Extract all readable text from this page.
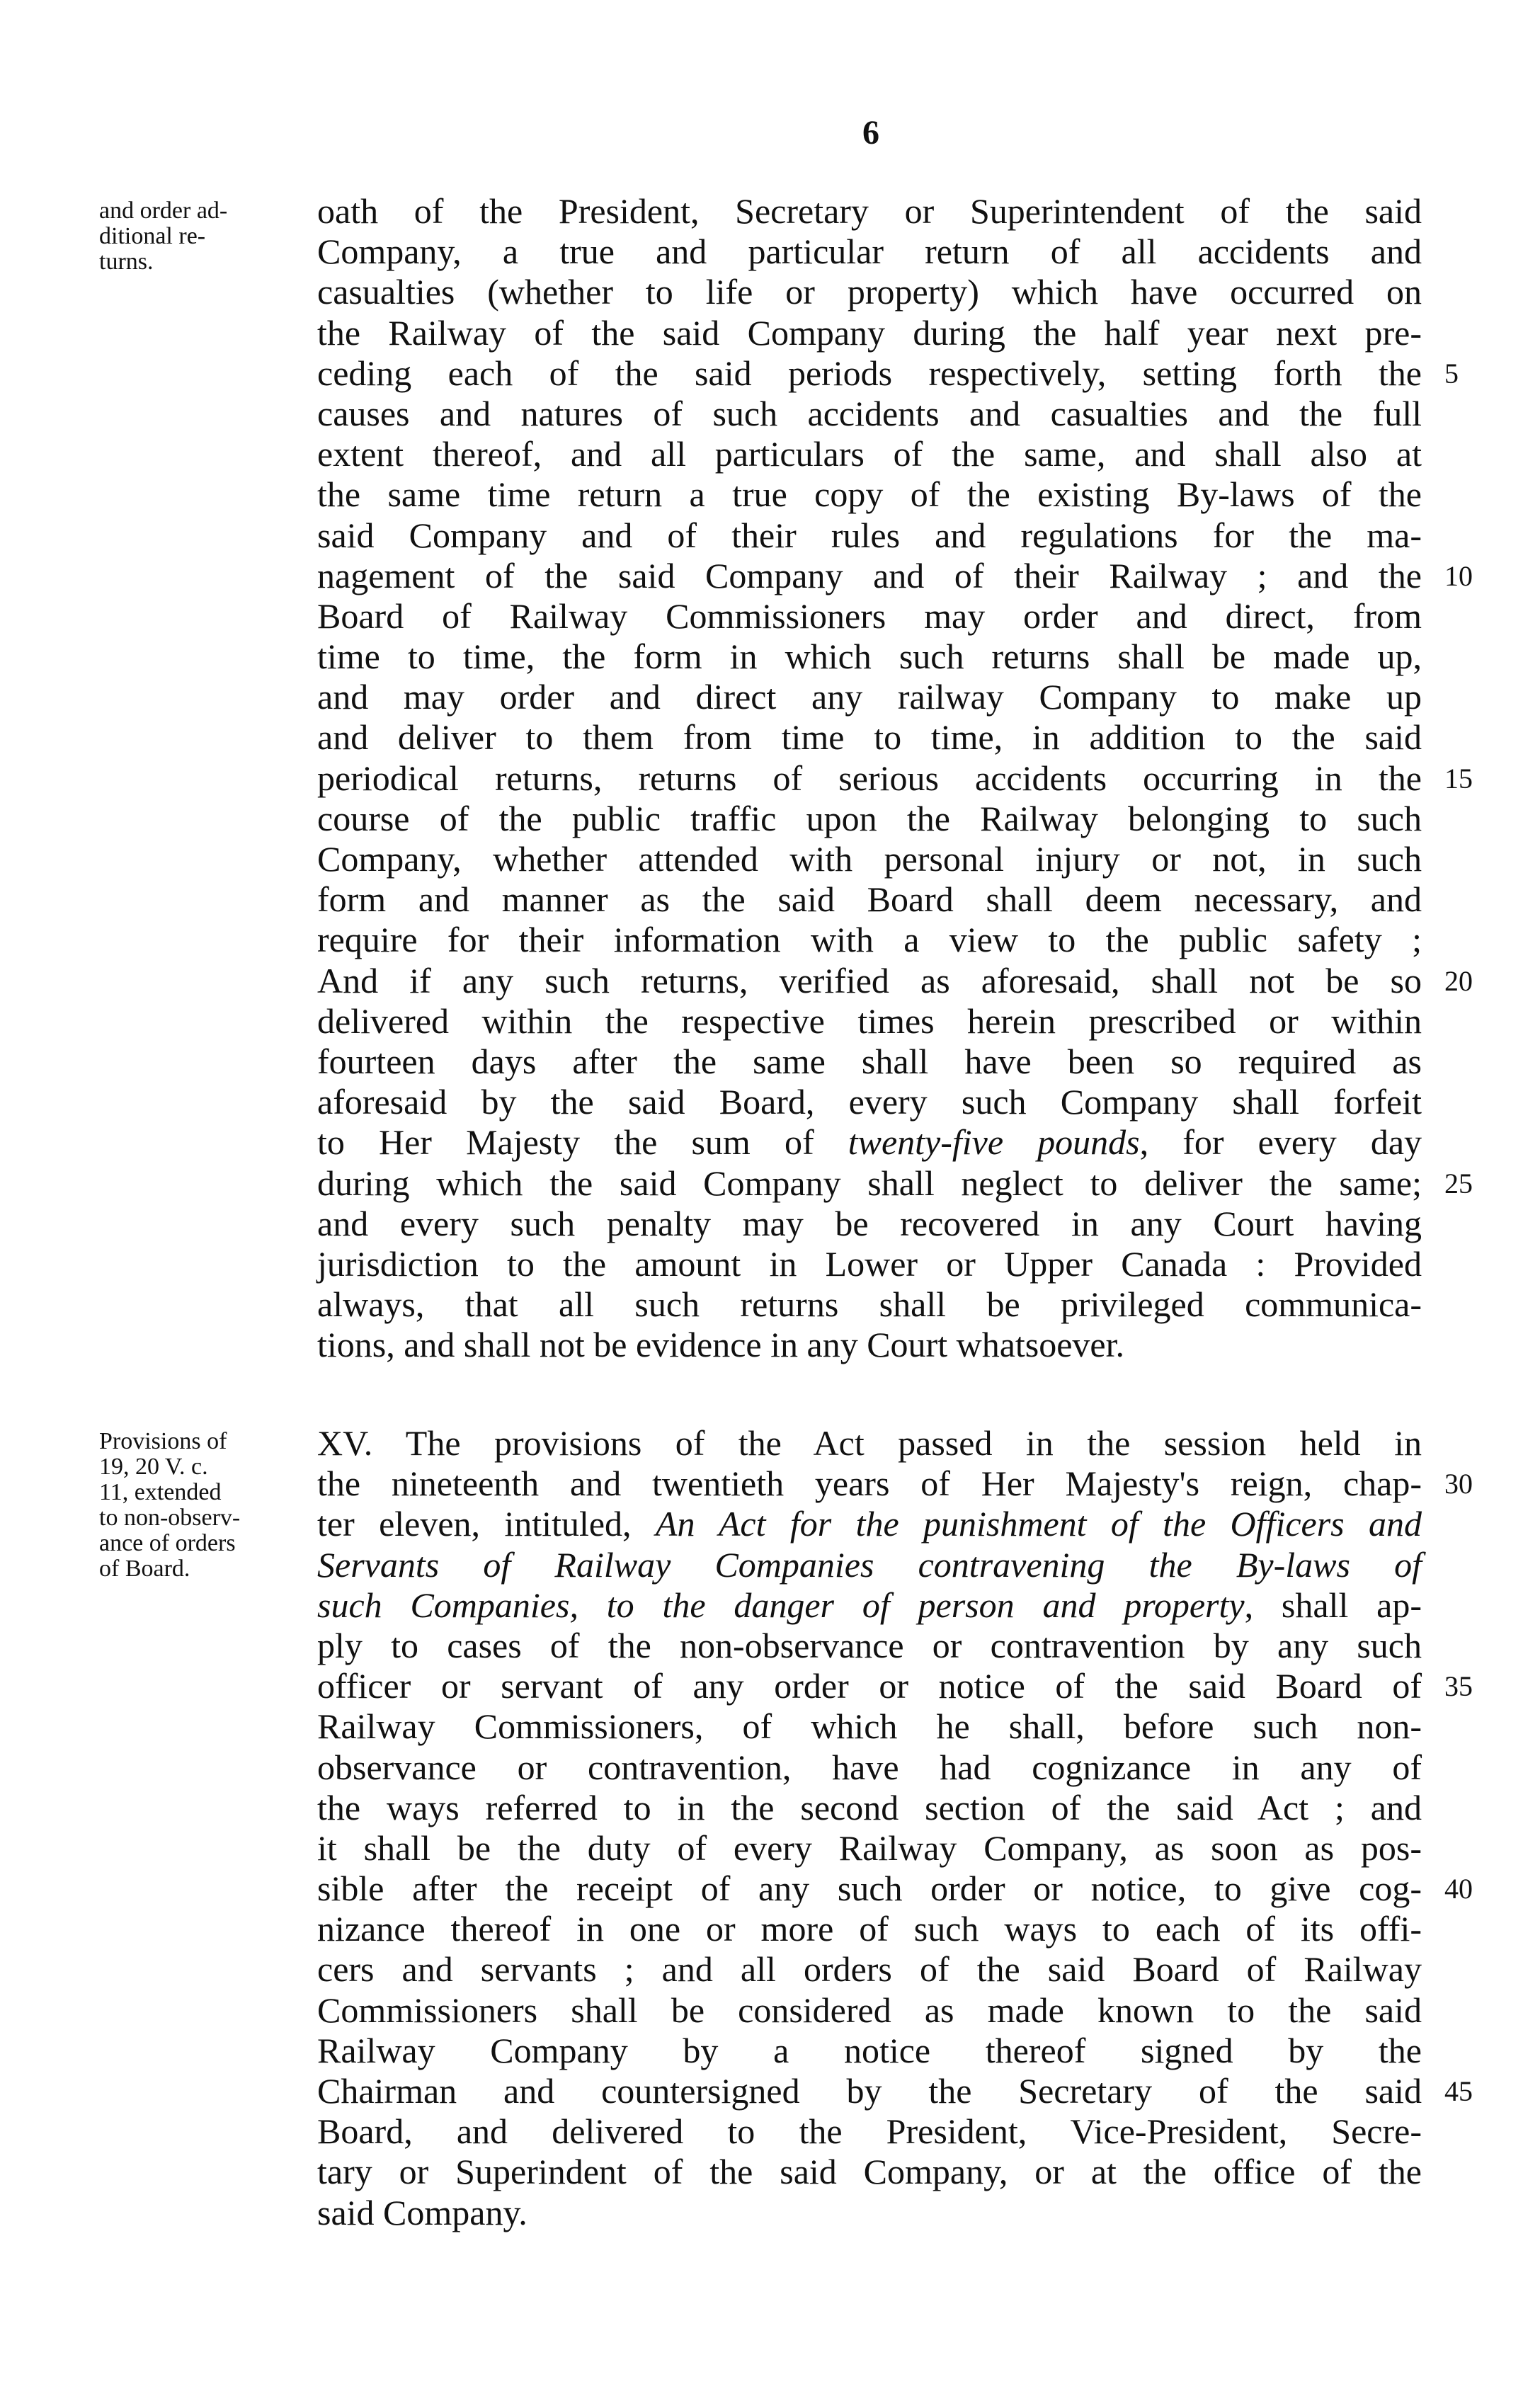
6
and order ad-
ditional re-
turns.
Provisions of
19, 20 V. c.
11, extended
to non-observ-
ance of orders
of Board.
oath of the President, Secretary or Superintendent of the said
Company, a true and particular return of all accidents and
casualties (whether to life or property) which have occurred on
the Railway of the said Company during the half year next pre-
ceding each of the said periods respectively, setting forth the
causes and natures of such accidents and casualties and the full
extent thereof, and all particulars of the same, and shall also at
the same time return a true copy of the existing By-laws of the
said Company and of their rules and regulations for the ma-
nagement of the said Company and of their Railway ; and the
Board of Railway Commissioners may order and direct, from
time to time, the form in which such returns shall be made up,
and may order and direct any railway Company to make up
and deliver to them from time to time, in addition to the said
periodical returns, returns of serious accidents occurring in the
course of the public traffic upon the Railway belonging to such
Company, whether attended with personal injury or not, in such
form and manner as the said Board shall deem necessary, and
require for their information with a view to the public safety ;
And if any such returns, verified as aforesaid, shall not be so
delivered within the respective times herein prescribed or within
fourteen days after the same shall have been so required as
aforesaid by the said Board, every such Company shall forfeit
to Her Majesty the sum of twenty-five pounds, for every day
during which the said Company shall neglect to deliver the same;
and every such penalty may be recovered in any Court having
jurisdiction to the amount in Lower or Upper Canada : Provided
always, that all such returns shall be privileged communica-
tions, and shall not be evidence in any Court whatsoever.
XV. The provisions of the Act passed in the session held in
the nineteenth and twentieth years of Her Majesty's reign, chap-
ter eleven, intituled, An Act for the punishment of the Officers and
Servants of Railway Companies contravening the By-laws of
such Companies, to the danger of person and property, shall ap-
ply to cases of the non-observance or contravention by any such
officer or servant of any order or notice of the said Board of
Railway Commissioners, of which he shall, before such non-
observance or contravention, have had cognizance in any of
the ways referred to in the second section of the said Act ; and
it shall be the duty of every Railway Company, as soon as pos-
sible after the receipt of any such order or notice, to give cog-
nizance thereof in one or more of such ways to each of its offi-
cers and servants ; and all orders of the said Board of Railway
Commissioners shall be considered as made known to the said
Railway Company by a notice thereof signed by the
Chairman and countersigned by the Secretary of the said
Board, and delivered to the President, Vice-President, Secre-
tary or Superindent of the said Company, or at the office of the
said Company.
5
10
15
20
25
30
35
40
45
